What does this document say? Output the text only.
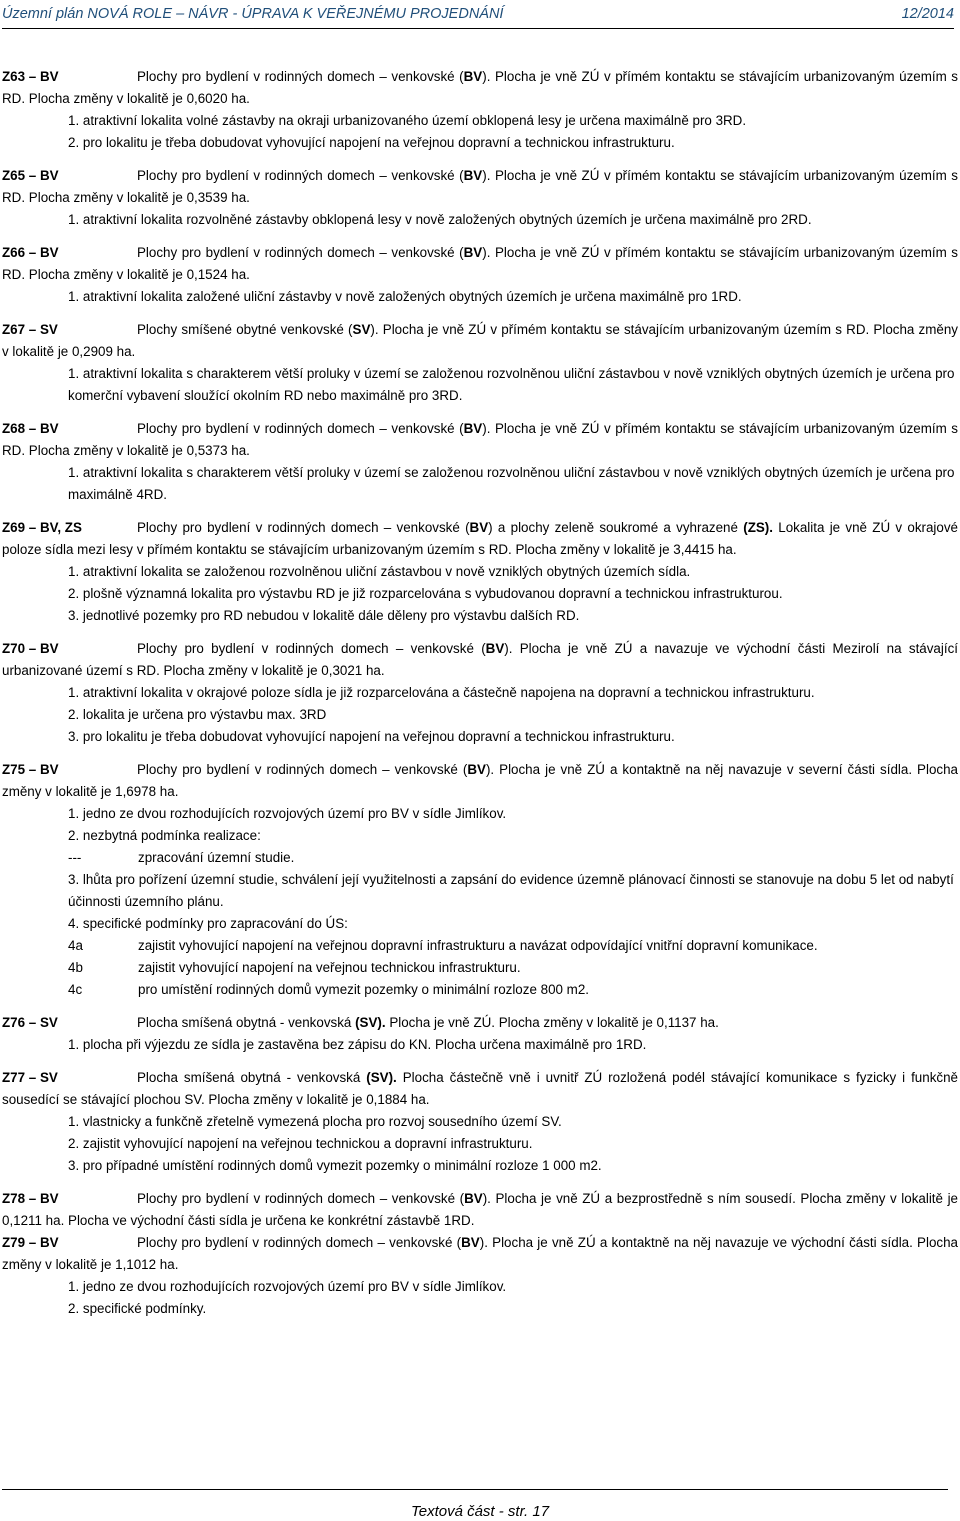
Územní plán NOVÁ ROLE – NÁVR - ÚPRAVA K VEŘEJNÉMU PROJEDNÁNÍ	12/2014
Z63 – BV	Plochy pro bydlení v rodinných domech – venkovské (BV). Plocha je vně ZÚ v přímém kontaktu se stávajícím urbanizovaným územím s RD. Plocha změny v lokalitě je 0,6020 ha.
1. atraktivní lokalita volné zástavby na okraji urbanizovaného území obklopená lesy je určena maximálně pro 3RD.
2. pro lokalitu je třeba dobudovat vyhovující napojení na veřejnou dopravní a technickou infrastrukturu.
Z65 – BV	Plochy pro bydlení v rodinných domech – venkovské (BV). Plocha je vně ZÚ v přímém kontaktu se stávajícím urbanizovaným územím s RD. Plocha změny v lokalitě je 0,3539 ha.
1. atraktivní lokalita rozvolněné zástavby obklopená lesy v nově založených obytných územích je určena maximálně pro 2RD.
Z66 – BV	Plochy pro bydlení v rodinných domech – venkovské (BV). Plocha je vně ZÚ v přímém kontaktu se stávajícím urbanizovaným územím s RD. Plocha změny v lokalitě je 0,1524 ha.
1. atraktivní lokalita založené uliční zástavby v nově založených obytných územích je určena maximálně pro 1RD.
Z67 – SV	Plochy smíšené obytné venkovské (SV). Plocha je vně ZÚ v přímém kontaktu se stávajícím urbanizovaným územím s RD. Plocha změny v lokalitě je 0,2909 ha.
1. atraktivní lokalita s charakterem větší proluky v území se založenou rozvolněnou uliční zástavbou v nově vzniklých obytných územích je určena pro komerční vybavení sloužící okolním RD nebo maximálně pro 3RD.
Z68 – BV	Plochy pro bydlení v rodinných domech – venkovské (BV). Plocha je vně ZÚ v přímém kontaktu se stávajícím urbanizovaným územím s RD. Plocha změny v lokalitě je 0,5373 ha.
1. atraktivní lokalita s charakterem větší proluky v území se založenou rozvolněnou uliční zástavbou v nově vzniklých obytných územích je určena pro maximálně 4RD.
Z69 – BV, ZS	Plochy pro bydlení v rodinných domech – venkovské (BV) a plochy zeleně soukromé a vyhrazené (ZS). Lokalita je vně ZÚ v okrajové poloze sídla mezi lesy v přímém kontaktu se stávajícím urbanizovaným územím s RD. Plocha změny v lokalitě je 3,4415 ha.
1. atraktivní lokalita se založenou rozvolněnou uliční zástavbou v nově vzniklých obytných územích sídla.
2. plošně významná lokalita pro výstavbu RD je již rozparcelována s vybudovanou dopravní a technickou infrastrukturou.
3. jednotlivé pozemky pro RD nebudou v lokalitě dále děleny pro výstavbu dalších RD.
Z70 – BV	Plochy pro bydlení v rodinných domech – venkovské (BV). Plocha je vně ZÚ a navazuje ve východní části Mezirolí na stávající urbanizované území s RD. Plocha změny v lokalitě je 0,3021 ha.
1. atraktivní lokalita v okrajové poloze sídla je již rozparcelována a částečně napojena na dopravní a technickou infrastrukturu.
2. lokalita je určena pro výstavbu max. 3RD
3. pro lokalitu je třeba dobudovat vyhovující napojení na veřejnou dopravní a technickou infrastrukturu.
Z75 – BV	Plochy pro bydlení v rodinných domech – venkovské (BV). Plocha je vně ZÚ a kontaktně na něj navazuje v severní části sídla. Plocha změny v lokalitě je 1,6978 ha.
1. jedno ze dvou rozhodujících rozvojových území pro BV v sídle Jimlíkov.
2. nezbytná podmínka realizace:
---	zpracování územní studie.
3. lhůta pro pořízení územní studie, schválení její využitelnosti a zapsání do evidence územně plánovací činnosti se stanovuje na dobu 5 let od nabytí účinnosti územního plánu.
4. specifické podmínky pro zapracování do ÚS:
4a	zajistit vyhovující napojení na veřejnou dopravní infrastrukturu a navázat odpovídající vnitřní dopravní komunikace.
4b	zajistit vyhovující napojení na veřejnou technickou infrastrukturu.
4c	pro umístění rodinných domů vymezit pozemky o minimální rozloze 800 m2.
Z76 – SV	Plocha smíšená obytná - venkovská (SV). Plocha je vně ZÚ. Plocha změny v lokalitě je 0,1137 ha.
1. plocha při výjezdu ze sídla je zastavěna bez zápisu do KN. Plocha určena maximálně pro 1RD.
Z77 – SV	Plocha smíšená obytná - venkovská (SV). Plocha částečně vně i uvnitř ZÚ rozložená podél stávající komunikace s fyzicky i funkčně sousedící se stávající plochou SV. Plocha změny v lokalitě je 0,1884 ha.
1. vlastnicky a funkčně zřetelně vymezená plocha pro rozvoj sousedního území SV.
2. zajistit vyhovující napojení na veřejnou technickou a dopravní infrastrukturu.
3. pro případné umístění rodinných domů vymezit pozemky o minimální rozloze 1 000 m2.
Z78 – BV	Plochy pro bydlení v rodinných domech – venkovské (BV). Plocha je vně ZÚ a bezprostředně s ním sousedí. Plocha změny v lokalitě je 0,1211 ha. Plocha ve východní části sídla je určena ke konkrétní zástavbě 1RD.
Z79 – BV	Plochy pro bydlení v rodinných domech – venkovské (BV). Plocha je vně ZÚ a kontaktně na něj navazuje ve východní části sídla. Plocha změny v lokalitě je 1,1012 ha.
1. jedno ze dvou rozhodujících rozvojových území pro BV v sídle Jimlíkov.
2. specifické podmínky.
Textová část - str. 17
